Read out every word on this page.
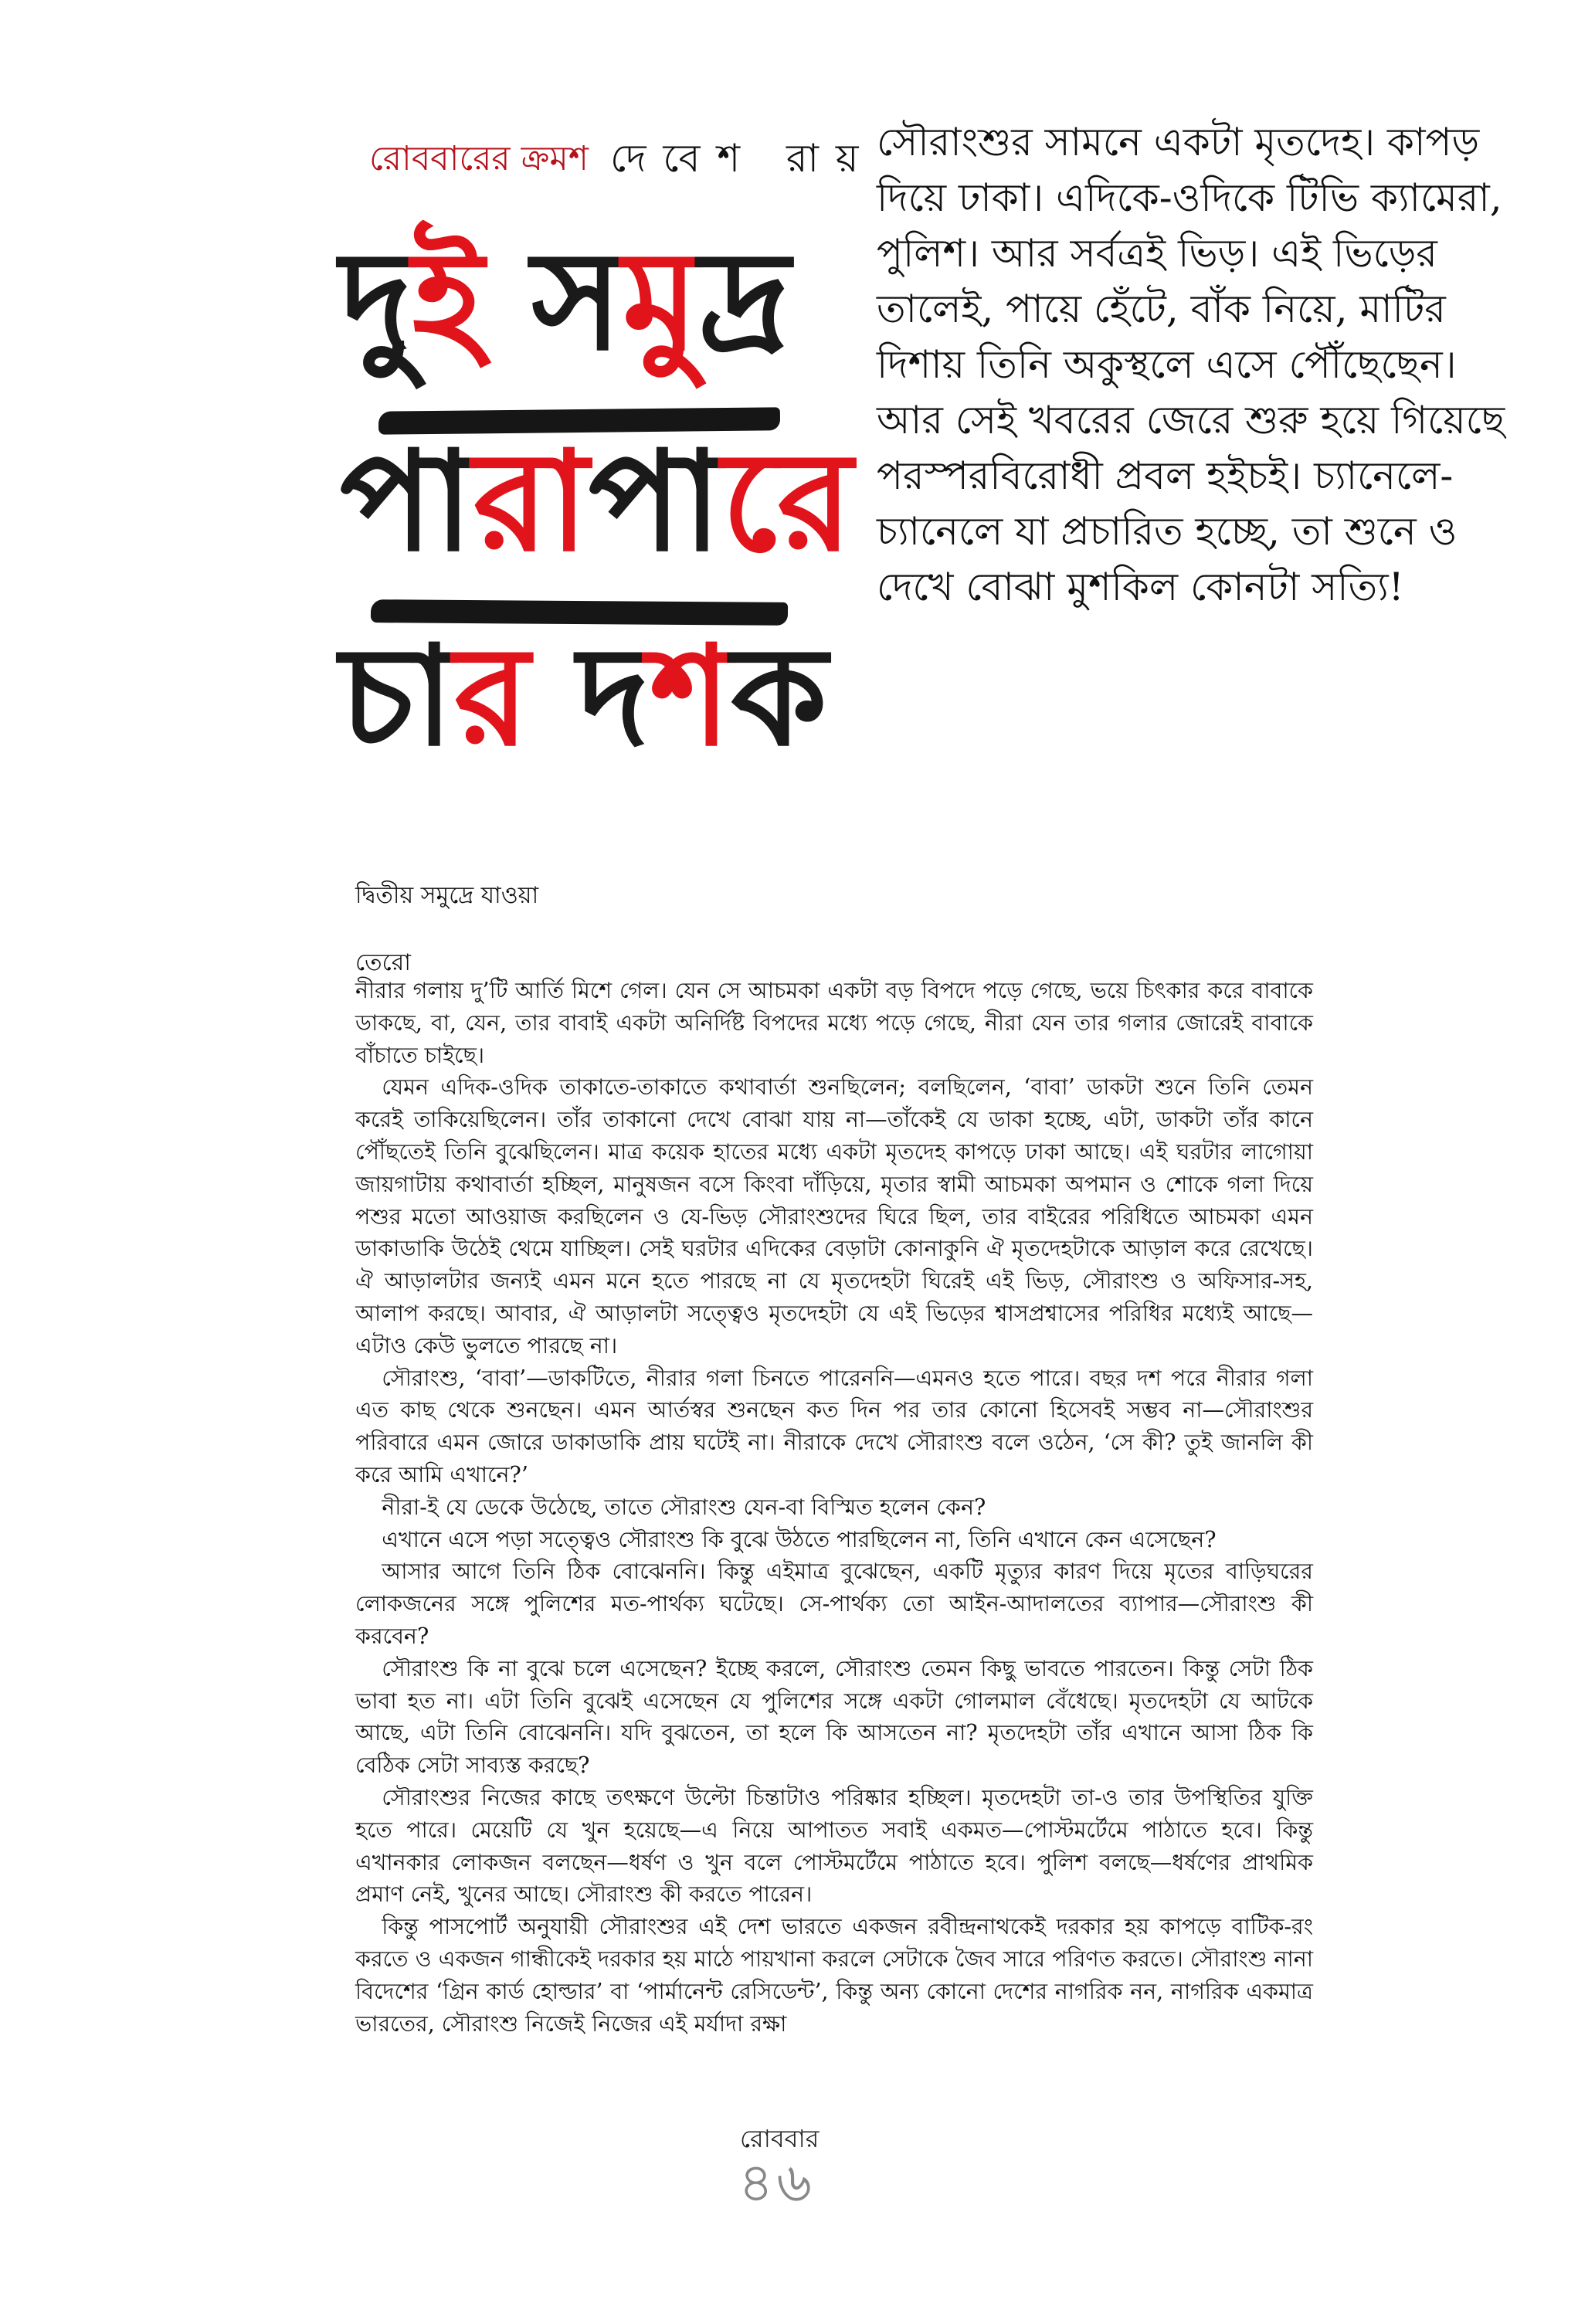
রোববারের ক্রমশ দেবেশ রায়
দুই সমুদ্র
পারাপারে
চার দশক
সৌরাংশুর সামনে একটা মৃতদেহ। কাপড় দিয়ে ঢাকা। এদিকে-ওদিকে টিভি ক্যামেরা, পুলিশ। আর সর্বত্রই ভিড়। এই ভিড়ের তালেই, পায়ে হেঁটে, বাঁক নিয়ে, মাটির দিশায় তিনি অকুস্থলে এসে পৌঁছেছেন। আর সেই খবরের জেরে শুরু হয়ে গিয়েছে পরস্পরবিরোধী প্রবল হইচই। চ্যানেলে-চ্যানেলে যা প্রচারিত হচ্ছে, তা শুনে ও দেখে বোঝা মুশকিল কোনটা সত্যি!
দ্বিতীয় সমুদ্রে যাওয়া
তেরো

নীরার গলায় দু’টি আর্তি মিশে গেল। যেন সে আচমকা একটা বড় বিপদে পড়ে গেছে, ভয়ে চিৎকার করে বাবাকে ডাকছে, বা, যেন, তার বাবাই একটা অনির্দিষ্ট বিপদের মধ্যে পড়ে গেছে, নীরা যেন তার গলার জোরেই বাবাকে বাঁচাতে চাইছে।

যেমন এদিক-ওদিক তাকাতে-তাকাতে কথাবার্তা শুনছিলেন; বলছিলেন, ‘বাবা’ ডাকটা শুনে তিনি তেমন করেই তাকিয়েছিলেন। তাঁর তাকানো দেখে বোঝা যায় না—তাঁকেই যে ডাকা হচ্ছে, এটা, ডাকটা তাঁর কানে পৌঁছতেই তিনি বুঝেছিলেন। মাত্র কয়েক হাতের মধ্যে একটা মৃতদেহ কাপড়ে ঢাকা আছে। এই ঘরটার লাগোয়া জায়গাটায় কথাবার্তা হচ্ছিল, মানুষজন বসে কিংবা দাঁড়িয়ে, মৃতার স্বামী আচমকা অপমান ও শোকে গলা দিয়ে পশুর মতো আওয়াজ করছিলেন ও যে-ভিড় সৌরাংশুদের ঘিরে ছিল, তার বাইরের পরিধিতে আচমকা এমন ডাকাডাকি উঠেই থেমে যাচ্ছিল। সেই ঘরটার এদিকের বেড়াটা কোনাকুনি ঐ মৃতদেহটাকে আড়াল করে রেখেছে। ঐ আড়ালটার জন্যই এমন মনে হতে পারছে না যে মৃতদেহটা ঘিরেই এই ভিড়, সৌরাংশু ও অফিসার-সহ, আলাপ করছে। আবার, ঐ আড়ালটা সত্ত্বেও মৃতদেহটা যে এই ভিড়ের শ্বাসপ্রশ্বাসের পরিধির মধ্যেই আছে—এটাও কেউ ভুলতে পারছে না।

সৌরাংশু, ‘বাবা’—ডাকটিতে, নীরার গলা চিনতে পারেননি—এমনও হতে পারে। বছর দশ পরে নীরার গলা এত কাছ থেকে শুনছেন। এমন আর্তস্বর শুনছেন কত দিন পর তার কোনো হিসেবই সম্ভব না—সৌরাংশুর পরিবারে এমন জোরে ডাকাডাকি প্রায় ঘটেই না। নীরাকে দেখে সৌরাংশু বলে ওঠেন, ‘সে কী? তুই জানলি কী করে আমি এখানে?’

নীরা-ই যে ডেকে উঠেছে, তাতে সৌরাংশু যেন-বা বিস্মিত হলেন কেন?

এখানে এসে পড়া সত্ত্বেও সৌরাংশু কি বুঝে উঠতে পারছিলেন না, তিনি এখানে কেন এসেছেন?

আসার আগে তিনি ঠিক বোঝেননি। কিন্তু এইমাত্র বুঝেছেন, একটি মৃত্যুর কারণ দিয়ে মৃতের বাড়িঘরের লোকজনের সঙ্গে পুলিশের মত-পার্থক্য ঘটেছে। সে-পার্থক্য তো আইন-আদালতের ব্যাপার—সৌরাংশু কী করবেন?

সৌরাংশু কি না বুঝে চলে এসেছেন? ইচ্ছে করলে, সৌরাংশু তেমন কিছু ভাবতে পারতেন। কিন্তু সেটা ঠিক ভাবা হত না। এটা তিনি বুঝেই এসেছেন যে পুলিশের সঙ্গে একটা গোলমাল বেঁধেছে। মৃতদেহটা যে আটকে আছে, এটা তিনি বোঝেননি। যদি বুঝতেন, তা হলে কি আসতেন না? মৃতদেহটা তাঁর এখানে আসা ঠিক কি বেঠিক সেটা সাব্যস্ত করছে?

সৌরাংশুর নিজের কাছে তৎক্ষণে উল্টো চিন্তাটাও পরিষ্কার হচ্ছিল। মৃতদেহটা তা-ও তার উপস্থিতির যুক্তি হতে পারে। মেয়েটি যে খুন হয়েছে—এ নিয়ে আপাতত সবাই একমত—পোস্টমর্টেমে পাঠাতে হবে। কিন্তু এখানকার লোকজন বলছেন—ধর্ষণ ও খুন বলে পোস্টমর্টেমে পাঠাতে হবে। পুলিশ বলছে—ধর্ষণের প্রাথমিক প্রমাণ নেই, খুনের আছে। সৌরাংশু কী করতে পারেন।

কিন্তু পাসপোর্ট অনুযায়ী সৌরাংশুর এই দেশ ভারতে একজন রবীন্দ্রনাথকেই দরকার হয় কাপড়ে বাটিক-রং করতে ও একজন গান্ধীকেই দরকার হয় মাঠে পায়খানা করলে সেটাকে জৈব সারে পরিণত করতে। সৌরাংশু নানা বিদেশের ‘গ্রিন কার্ড হোল্ডার’ বা ‘পার্মানেন্ট রেসিডেন্ট’, কিন্তু অন্য কোনো দেশের নাগরিক নন, নাগরিক একমাত্র ভারতের, সৌরাংশু নিজেই নিজের এই মর্যাদা রক্ষা

রোববার
৪৬
